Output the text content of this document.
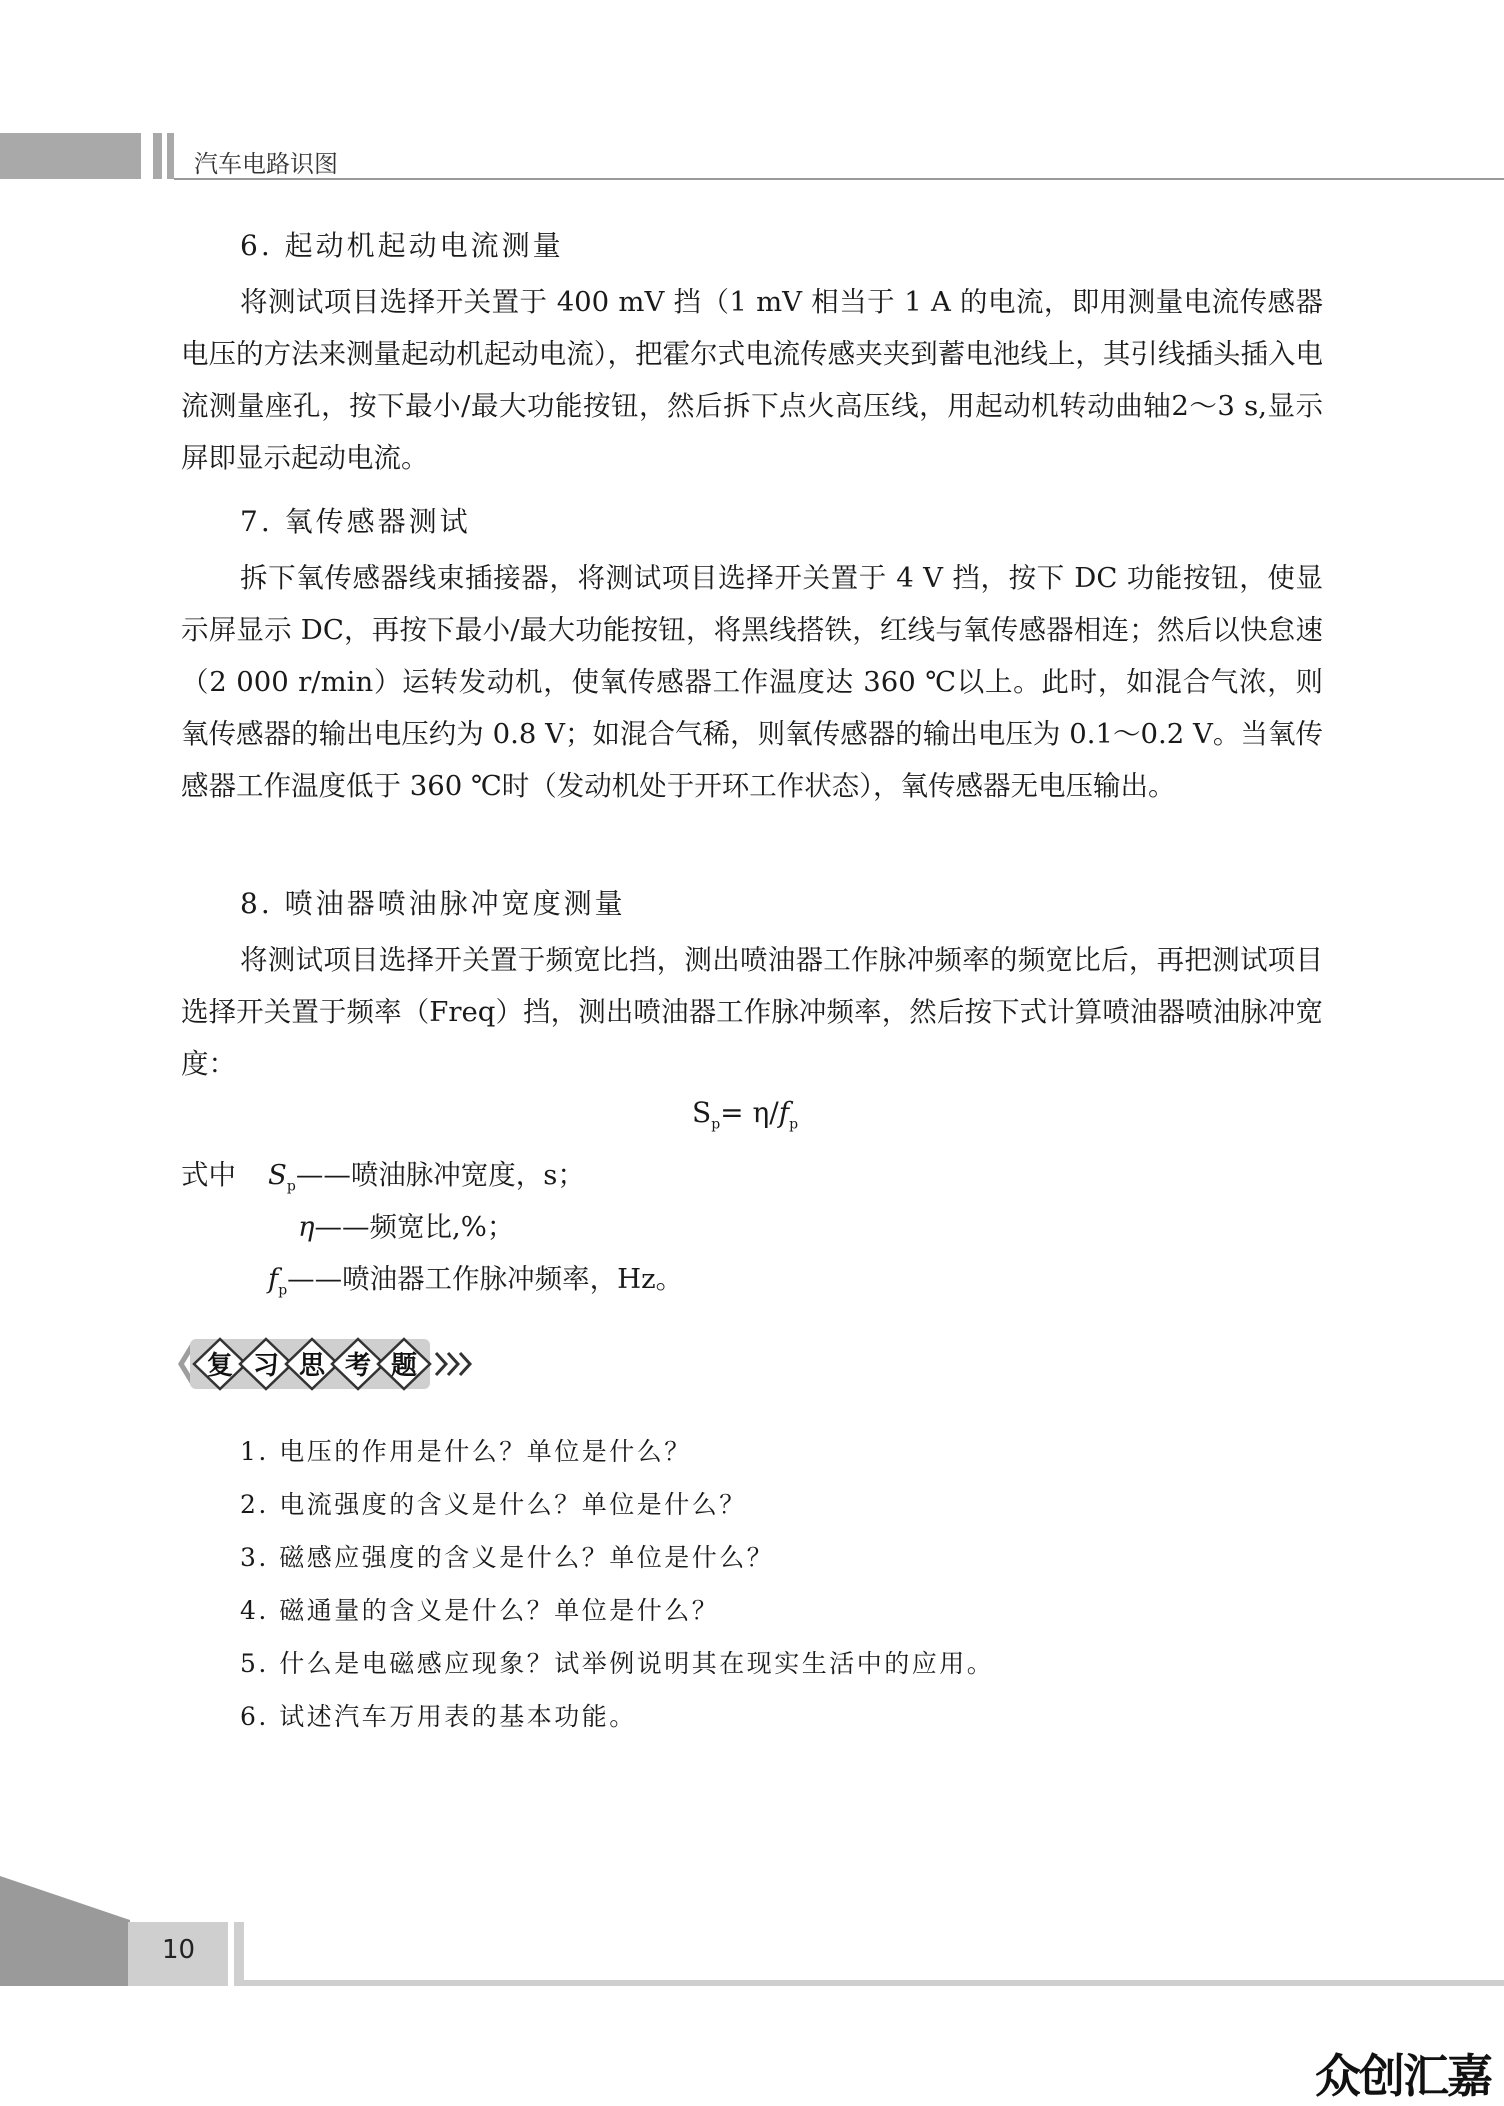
汽车电路识图
6. 起动机起动电流测量

将测试项目选择开关置于 400 mV 挡（1 mV 相当于 1 A 的电流，即用测量电流传感器电压的方法来测量起动机起动电流），把霍尔式电流传感夹夹到蓄电池线上，其引线插头插入电流测量座孔，按下最小/最大功能按钮，然后拆下点火高压线，用起动机转动曲轴2～3 s,显示屏即显示起动电流。

7. 氧传感器测试

拆下氧传感器线束插接器，将测试项目选择开关置于 4 V 挡，按下 DC 功能按钮，使显示屏显示 DC，再按下最小/最大功能按钮，将黑线搭铁，红线与氧传感器相连；然后以快怠速（2 000 r/min）运转发动机，使氧传感器工作温度达 360 ℃以上。此时，如混合气浓，则氧传感器的输出电压约为 0.8 V；如混合气稀，则氧传感器的输出电压为 0.1～0.2 V。当氧传感器工作温度低于 360 ℃时（发动机处于开环工作状态），氧传感器无电压输出。

8. 喷油器喷油脉冲宽度测量

将测试项目选择开关置于频宽比挡，测出喷油器工作脉冲频率的频宽比后，再把测试项目选择开关置于频率（Freq）挡，测出喷油器工作脉冲频率，然后按下式计算喷油器喷油脉冲宽度：

$S_p= \eta/f_p$
式中 $S_p——$喷油脉冲宽度，s；
η——频宽比,%；
$f_p——$喷油器工作脉冲频率，Hz。
复 习 思 考 题
1. 电压的作用是什么？单位是什么？
2. 电流强度的含义是什么？单位是什么？
3. 磁感应强度的含义是什么？单位是什么？
4. 磁通量的含义是什么？单位是什么？
5. 什么是电磁感应现象？试举例说明其在现实生活中的应用。
6. 试述汽车万用表的基本功能。
10
众创汇嘉
